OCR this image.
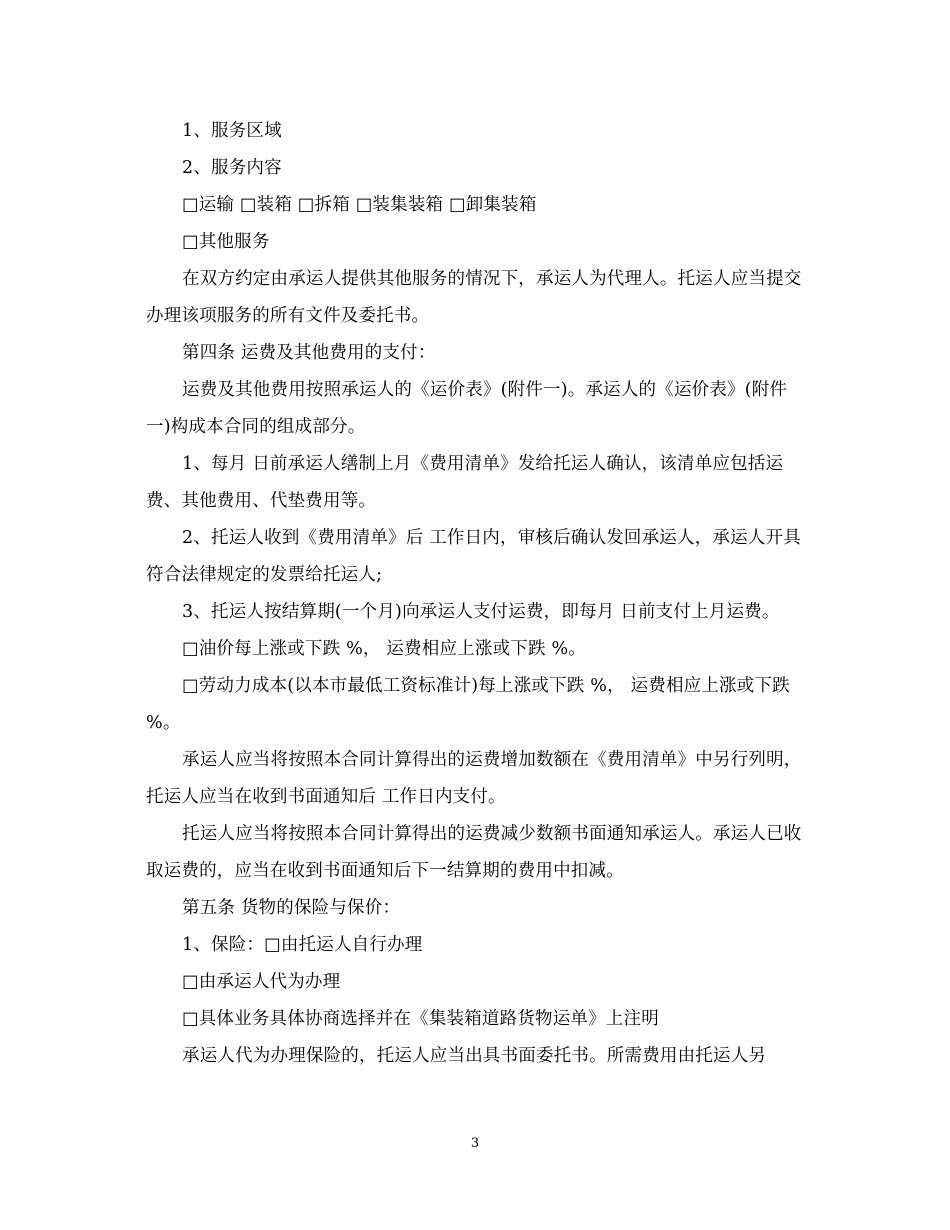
1、服务区域

2、服务内容

□运输 □装箱 □拆箱 □装集装箱 □卸集装箱

□其他服务

在双方约定由承运人提供其他服务的情况下，承运人为代理人。托运人应当提交办理该项服务的所有文件及委托书。

第四条 运费及其他费用的支付：

运费及其他费用按照承运人的《运价表》(附件一)。承运人的《运价表》(附件一)构成本合同的组成部分。

1、每月 日前承运人缮制上月《费用清单》发给托运人确认，该清单应包括运费、其他费用、代垫费用等。

2、托运人收到《费用清单》后 工作日内，审核后确认发回承运人，承运人开具符合法律规定的发票给托运人;

3、托运人按结算期(一个月)向承运人支付运费，即每月 日前支付上月运费。

□油价每上涨或下跌 %， 运费相应上涨或下跌 %。

□劳动力成本(以本市最低工资标准计)每上涨或下跌 %， 运费相应上涨或下跌 %。

承运人应当将按照本合同计算得出的运费增加数额在《费用清单》中另行列明，托运人应当在收到书面通知后 工作日内支付。

托运人应当将按照本合同计算得出的运费减少数额书面通知承运人。承运人已收取运费的，应当在收到书面通知后下一结算期的费用中扣减。

第五条 货物的保险与保价：

1、保险：□由托运人自行办理

□由承运人代为办理

□具体业务具体协商选择并在《集装箱道路货物运单》上注明

承运人代为办理保险的，托运人应当出具书面委托书。所需费用由托运人另

3
